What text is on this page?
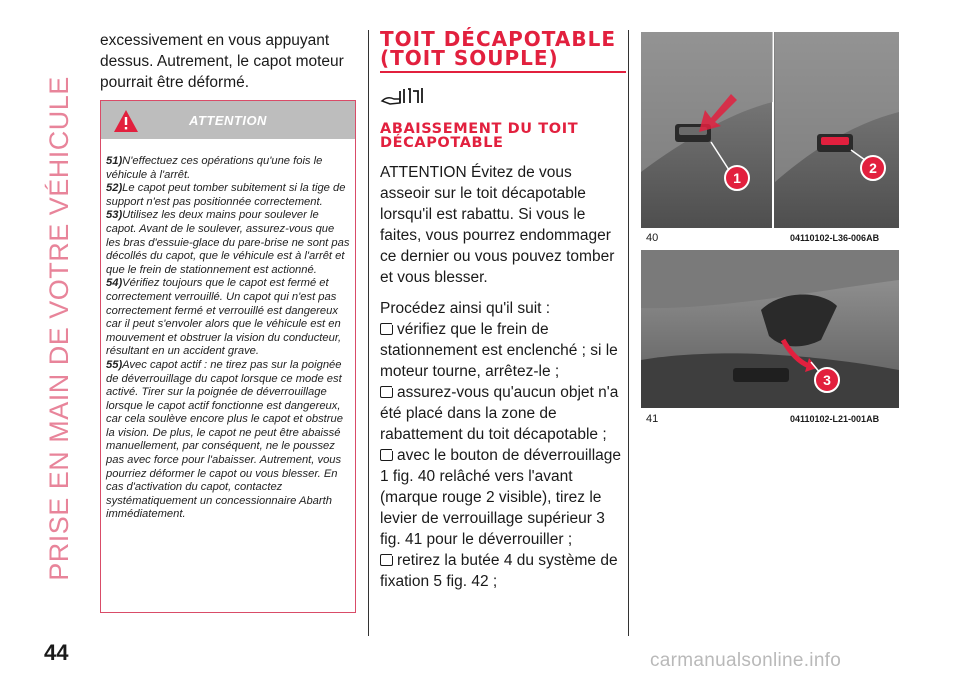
PRISE EN MAIN DE VOTRE VÉHICULE

excessivement en vous appuyant

dessus. Autrement, le capot moteur

pourrait être déformé.

ATTENTION

51)N'effectuez ces opérations qu'une fois le véhicule à l'arrêt.

52)Le capot peut tomber subitement si la tige de support n'est pas positionnée correctement.

53)Utilisez les deux mains pour soulever le capot. Avant de le soulever, assurez-vous que les bras d'essuie-glace du pare-brise ne sont pas décollés du capot, que le véhicule est à l'arrêt et que le frein de stationnement est actionné.

54)Vérifiez toujours que le capot est fermé et correctement verrouillé. Un capot qui n'est pas correctement fermé et verrouillé est dangereux car il peut s'envoler alors que le véhicule est en mouvement et obstruer la vision du conducteur, résultant en un accident grave.

55)Avec capot actif : ne tirez pas sur la poignée de déverrouillage du capot lorsque ce mode est activé. Tirer sur la poignée de déverrouillage lorsque le capot actif fonctionne est dangereux, car cela soulève encore plus le capot et obstrue la vision. De plus, le capot ne peut être abaissé manuellement, par conséquent, ne le poussez pas avec force pour l'abaisser. Autrement, vous pourriez déformer le capot ou vous blesser. En cas d'activation du capot, contactez systématiquement un concessionnaire Abarth immédiatement.

TOIT DÉCAPOTABLE
(TOIT SOUPLE)
ABAISSEMENT DU TOIT
DÉCAPOTABLE

ATTENTION Évitez de vous asseoir sur le toit décapotable lorsqu'il est rabattu. Si vous le faites, vous pourrez endommager ce dernier ou vous pouvez tomber et vous blesser.

Procédez ainsi qu'il suit :

vérifiez que le frein de stationnement est enclenché ; si le moteur tourne, arrêtez-le ;

assurez-vous qu'aucun objet n'a été placé dans la zone de rabattement du toit décapotable ;

avec le bouton de déverrouillage 1 fig. 40 relâché vers l'avant (marque rouge 2 visible), tirez le levier de verrouillage supérieur 3 fig. 41 pour le déverrouiller ;

retirez la butée 4 du système de fixation 5 fig. 42 ;

1
2
40	04110102-L36-006AB
3
41	04110102-L21-001AB
44	carmanualsonline.info
